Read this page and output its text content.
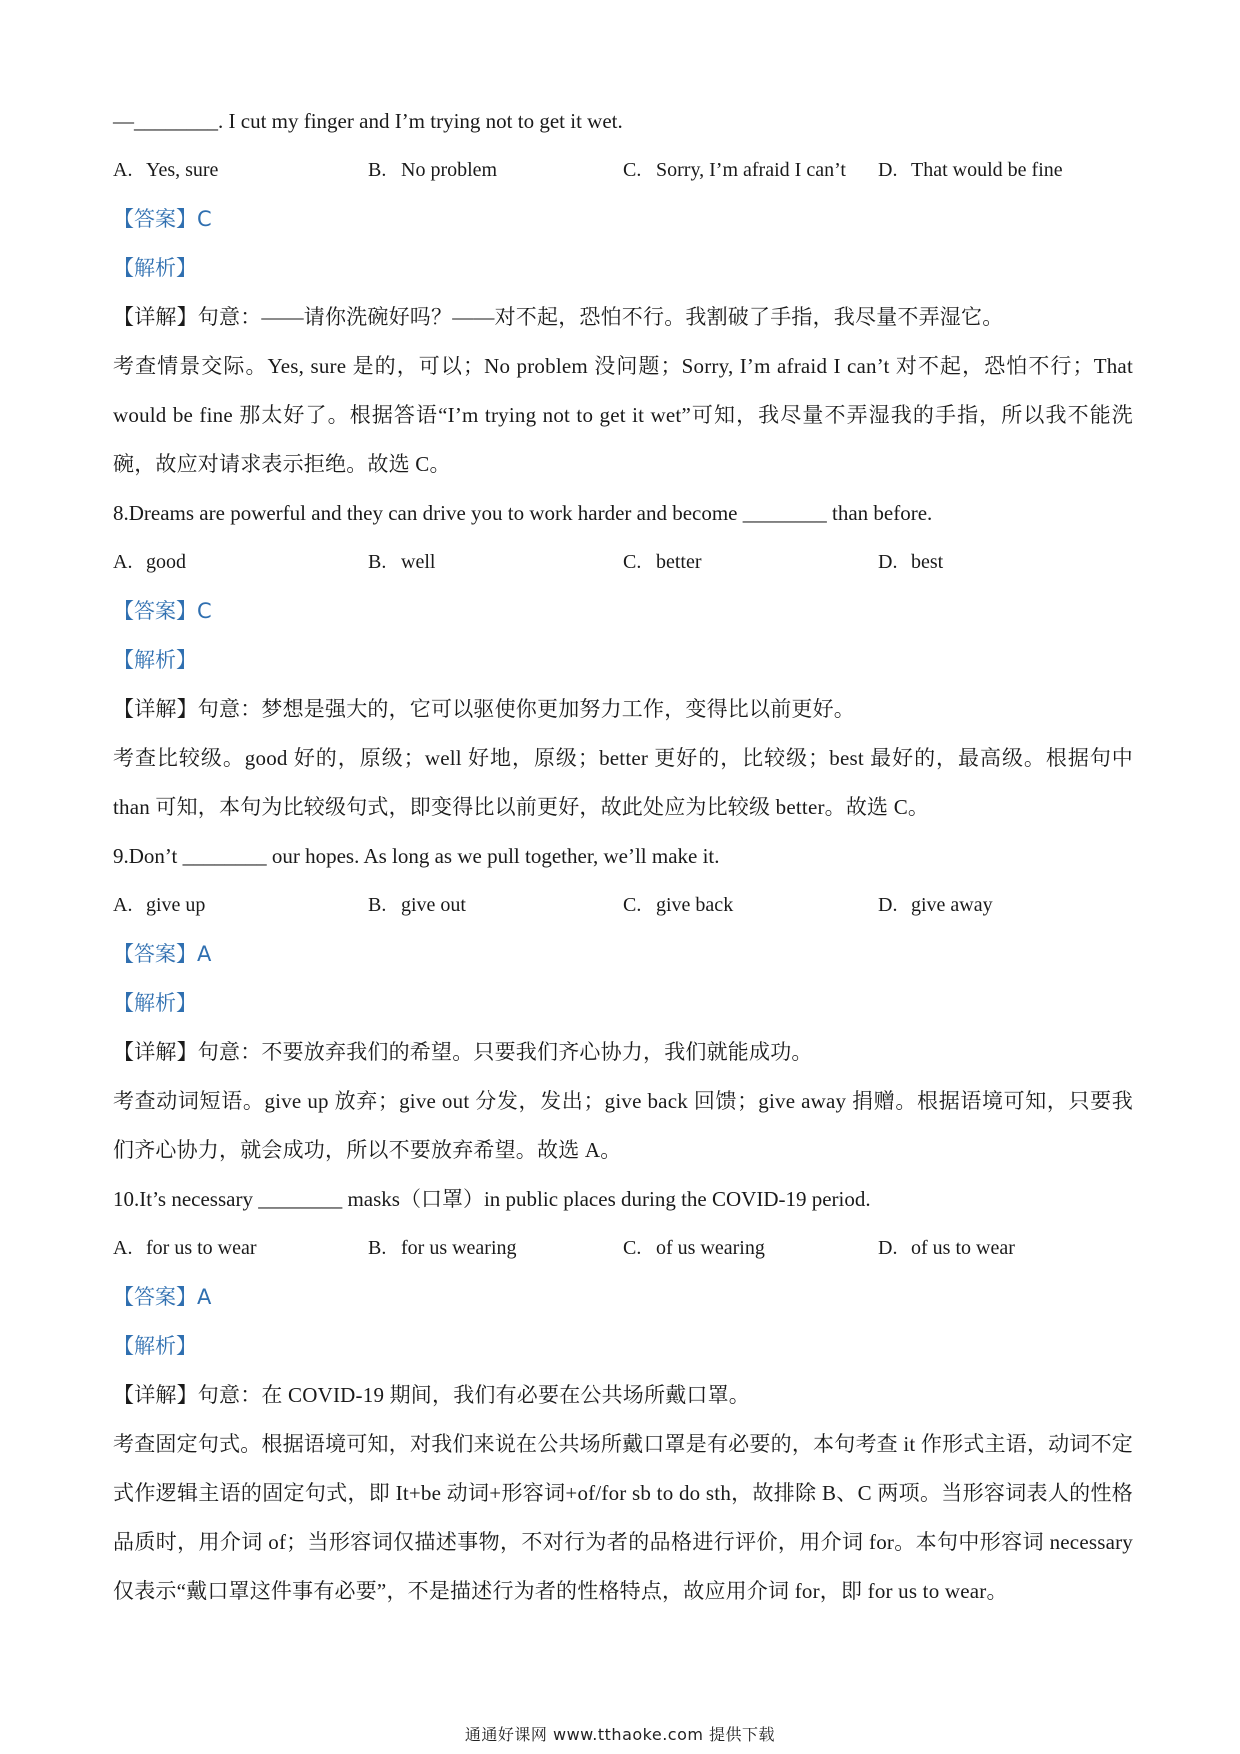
—________. I cut my finger and I’m trying not to get it wet.
A. Yes, sure	B. No problem	C. Sorry, I’m afraid I can’t	D. That would be fine
【答案】C
【解析】
【详解】句意：——请你洗碗好吗？——对不起，恐怕不行。我割破了手指，我尽量不弄湿它。
考查情景交际。Yes, sure 是的，可以；No problem 没问题；Sorry, I’m afraid I can’t 对不起，恐怕不行；That would be fine 那太好了。根据答语“I’m trying not to get it wet”可知，我尽量不弄湿我的手指，所以我不能洗碗，故应对请求表示拒绝。故选 C。
8.Dreams are powerful and they can drive you to work harder and become ________ than before.
A. good	B. well	C. better	D. best
【答案】C
【解析】
【详解】句意：梦想是强大的，它可以驱使你更加努力工作，变得比以前更好。
考查比较级。good 好的，原级；well 好地，原级；better 更好的，比较级；best 最好的，最高级。根据句中 than 可知，本句为比较级句式，即变得比以前更好，故此处应为比较级 better。故选 C。
9.Don’t ________ our hopes. As long as we pull together, we’ll make it.
A. give up	B. give out	C. give back	D. give away
【答案】A
【解析】
【详解】句意：不要放弃我们的希望。只要我们齐心协力，我们就能成功。
考查动词短语。give up 放弃；give out 分发，发出；give back 回馈；give away 捐赠。根据语境可知，只要我们齐心协力，就会成功，所以不要放弃希望。故选 A。
10.It’s necessary ________ masks（口罩）in public places during the COVID-19 period.
A. for us to wear	B. for us wearing	C. of us wearing	D. of us to wear
【答案】A
【解析】
【详解】句意：在 COVID-19 期间，我们有必要在公共场所戴口罩。
考查固定句式。根据语境可知，对我们来说在公共场所戴口罩是有必要的，本句考查 it 作形式主语，动词不定式作逻辑主语的固定句式，即 It+be 动词+形容词+of/for sb to do sth，故排除 B、C 两项。当形容词表人的性格品质时，用介词 of；当形容词仅描述事物，不对行为者的品格进行评价，用介词 for。本句中形容词 necessary 仅表示“戴口罩这件事有必要”，不是描述行为者的性格特点，故应用介词 for，即 for us to wear。
通通好课网 www.tthaoke.com 提供下载
